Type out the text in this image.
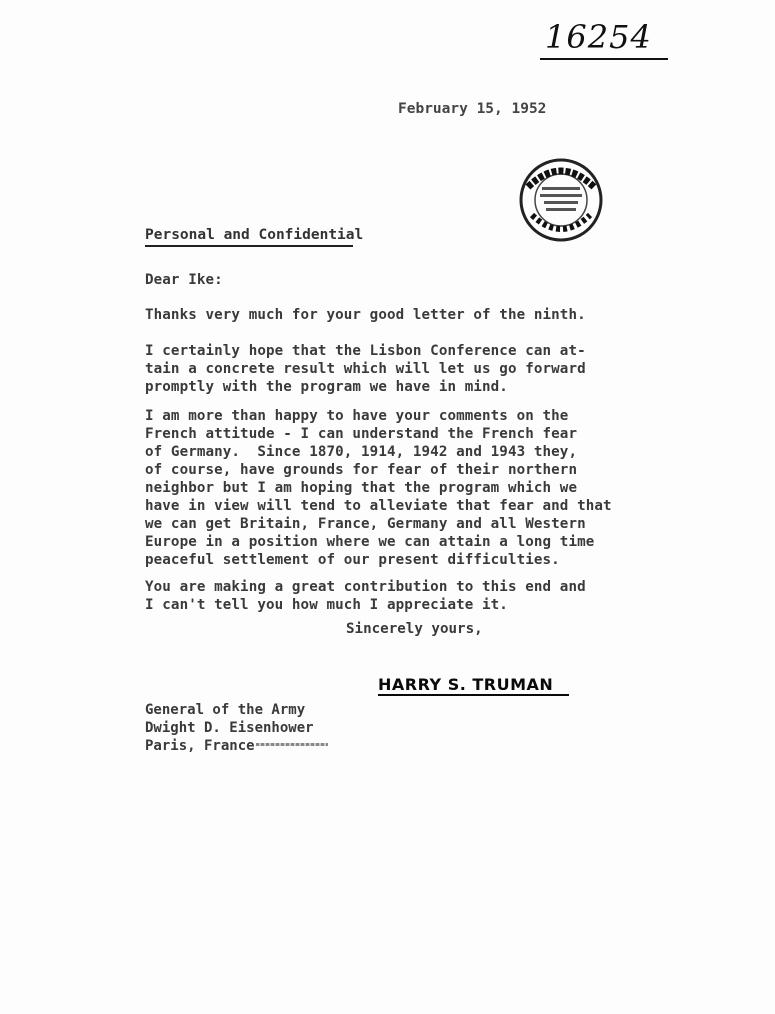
16254
February 15, 1952
Personal and Confidential
Dear Ike:
Thanks very much for your good letter of the ninth.
I certainly hope that the Lisbon Conference can at-
tain a concrete result which will let us go forward
promptly with the program we have in mind.
I am more than happy to have your comments on the
French attitude - I can understand the French fear
of Germany.  Since 1870, 1914, 1942 and 1943 they,
of course, have grounds for fear of their northern
neighbor but I am hoping that the program which we
have in view will tend to alleviate that fear and that
we can get Britain, France, Germany and all Western
Europe in a position where we can attain a long time
peaceful settlement of our present difficulties.
You are making a great contribution to this end and
I can't tell you how much I appreciate it.
Sincerely yours,
HARRY S. TRUMAN
General of the Army
Dwight D. Eisenhower
Paris, France
